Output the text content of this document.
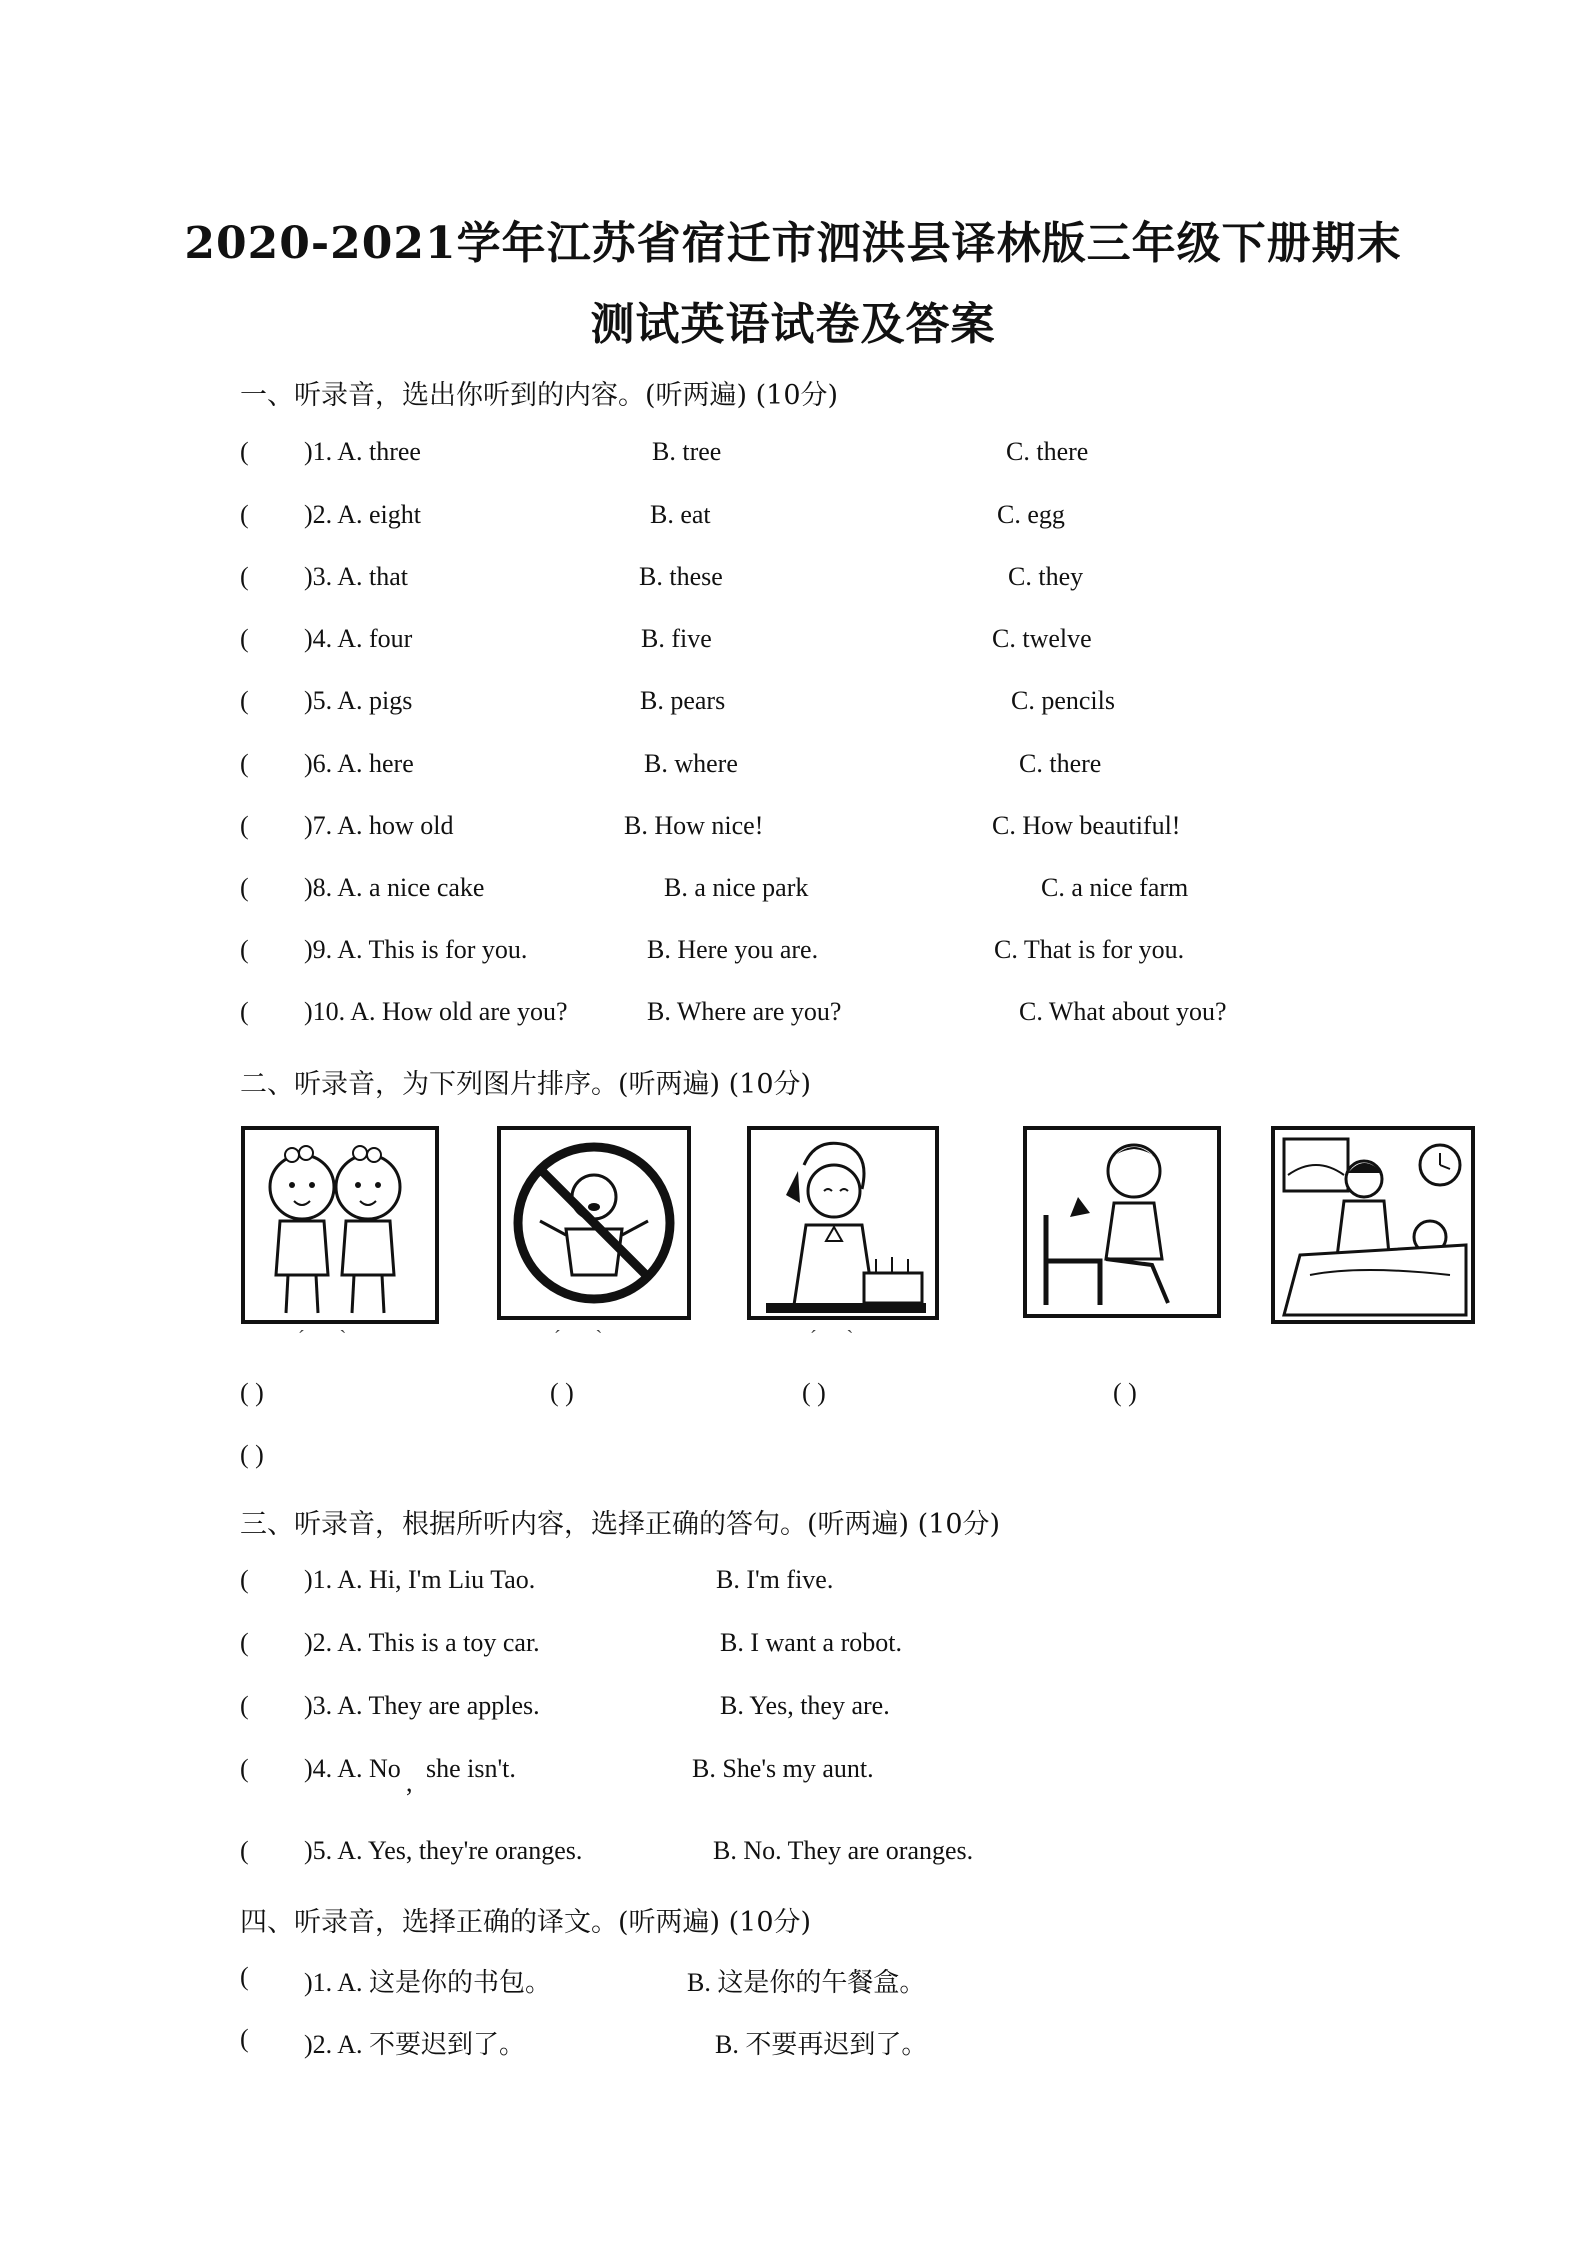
2020-2021学年江苏省宿迁市泗洪县译林版三年级下册期末
测试英语试卷及答案
一、听录音，选出你听到的内容。(听两遍) (10分)
( )1. A. three	B. tree	C. there
( )2. A. eight	B. eat	C. egg
( )3. A. that	B. these	C. they
( )4. A. four	B. five	C. twelve
( )5. A. pigs	B. pears	C. pencils
( )6. A. here	B. where	C. there
( )7. A. how old	B. How nice!	C. How beautiful!
( )8. A. a nice cake	B. a nice park	C. a nice farm
( )9. A. This is for you.	B. Here you are.	C. That is for you.
( )10. A. How old are you?	B. Where are you?	C. What about you?
二、听录音，为下列图片排序。(听两遍) (10分)
ˊ       ˋ	ˊ       ˋ	ˊ      ˋ
( )	( )	( )	( )
( )
三、听录音，根据所听内容，选择正确的答句。(听两遍) (10分)
( )1. A. Hi, I'm Liu Tao.	B. I'm five.
( )2. A. This is a toy car.	B. I want a robot.
( )3. A. They are apples.	B. Yes, they are.
( )4. A. No , she isn't.	B. She's my aunt.
( )5. A. Yes, they're oranges.	B. No. They are oranges.
四、听录音，选择正确的译文。(听两遍) (10分)
( )1. A. 这是你的书包。	B. 这是你的午餐盒。
( )2. A. 不要迟到了。	B. 不要再迟到了。
